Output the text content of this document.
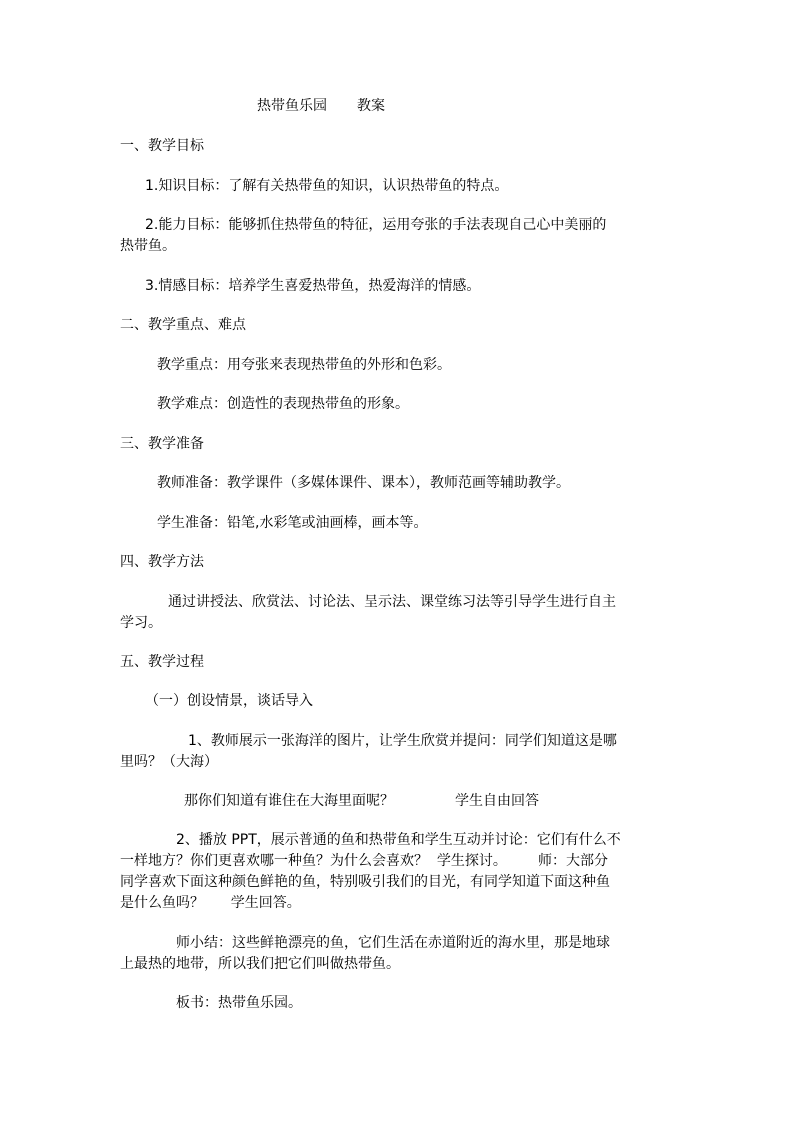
热带鱼乐园 教案
一、教学目标
1.知识目标：了解有关热带鱼的知识，认识热带鱼的特点。
2.能力目标：能够抓住热带鱼的特征，运用夸张的手法表现自己心中美丽的
热带鱼。
3.情感目标：培养学生喜爱热带鱼，热爱海洋的情感。
二、教学重点、难点
教学重点：用夸张来表现热带鱼的外形和色彩。
教学难点：创造性的表现热带鱼的形象。
三、教学准备
教师准备：教学课件（多媒体课件、课本），教师范画等辅助教学。
学生准备：铅笔,水彩笔或油画棒，画本等。
四、教学方法
通过讲授法、欣赏法、讨论法、呈示法、课堂练习法等引导学生进行自主
学习。
五、教学过程
（一）创设情景，谈话导入
1、教师展示一张海洋的图片，让学生欣赏并提问：同学们知道这是哪
里吗？（大海）
那你们知道有谁住在大海里面呢？	学生自由回答
2、播放 PPT，展示普通的鱼和热带鱼和学生互动并讨论：它们有什么不
一样地方？你们更喜欢哪一种鱼？为什么会喜欢？  学生探讨。       师：大部分
同学喜欢下面这种颜色鲜艳的鱼，特别吸引我们的目光，有同学知道下面这种鱼
是什么鱼吗？      学生回答。
师小结：这些鲜艳漂亮的鱼，它们生活在赤道附近的海水里，那是地球
上最热的地带，所以我们把它们叫做热带鱼。
板书：热带鱼乐园。
